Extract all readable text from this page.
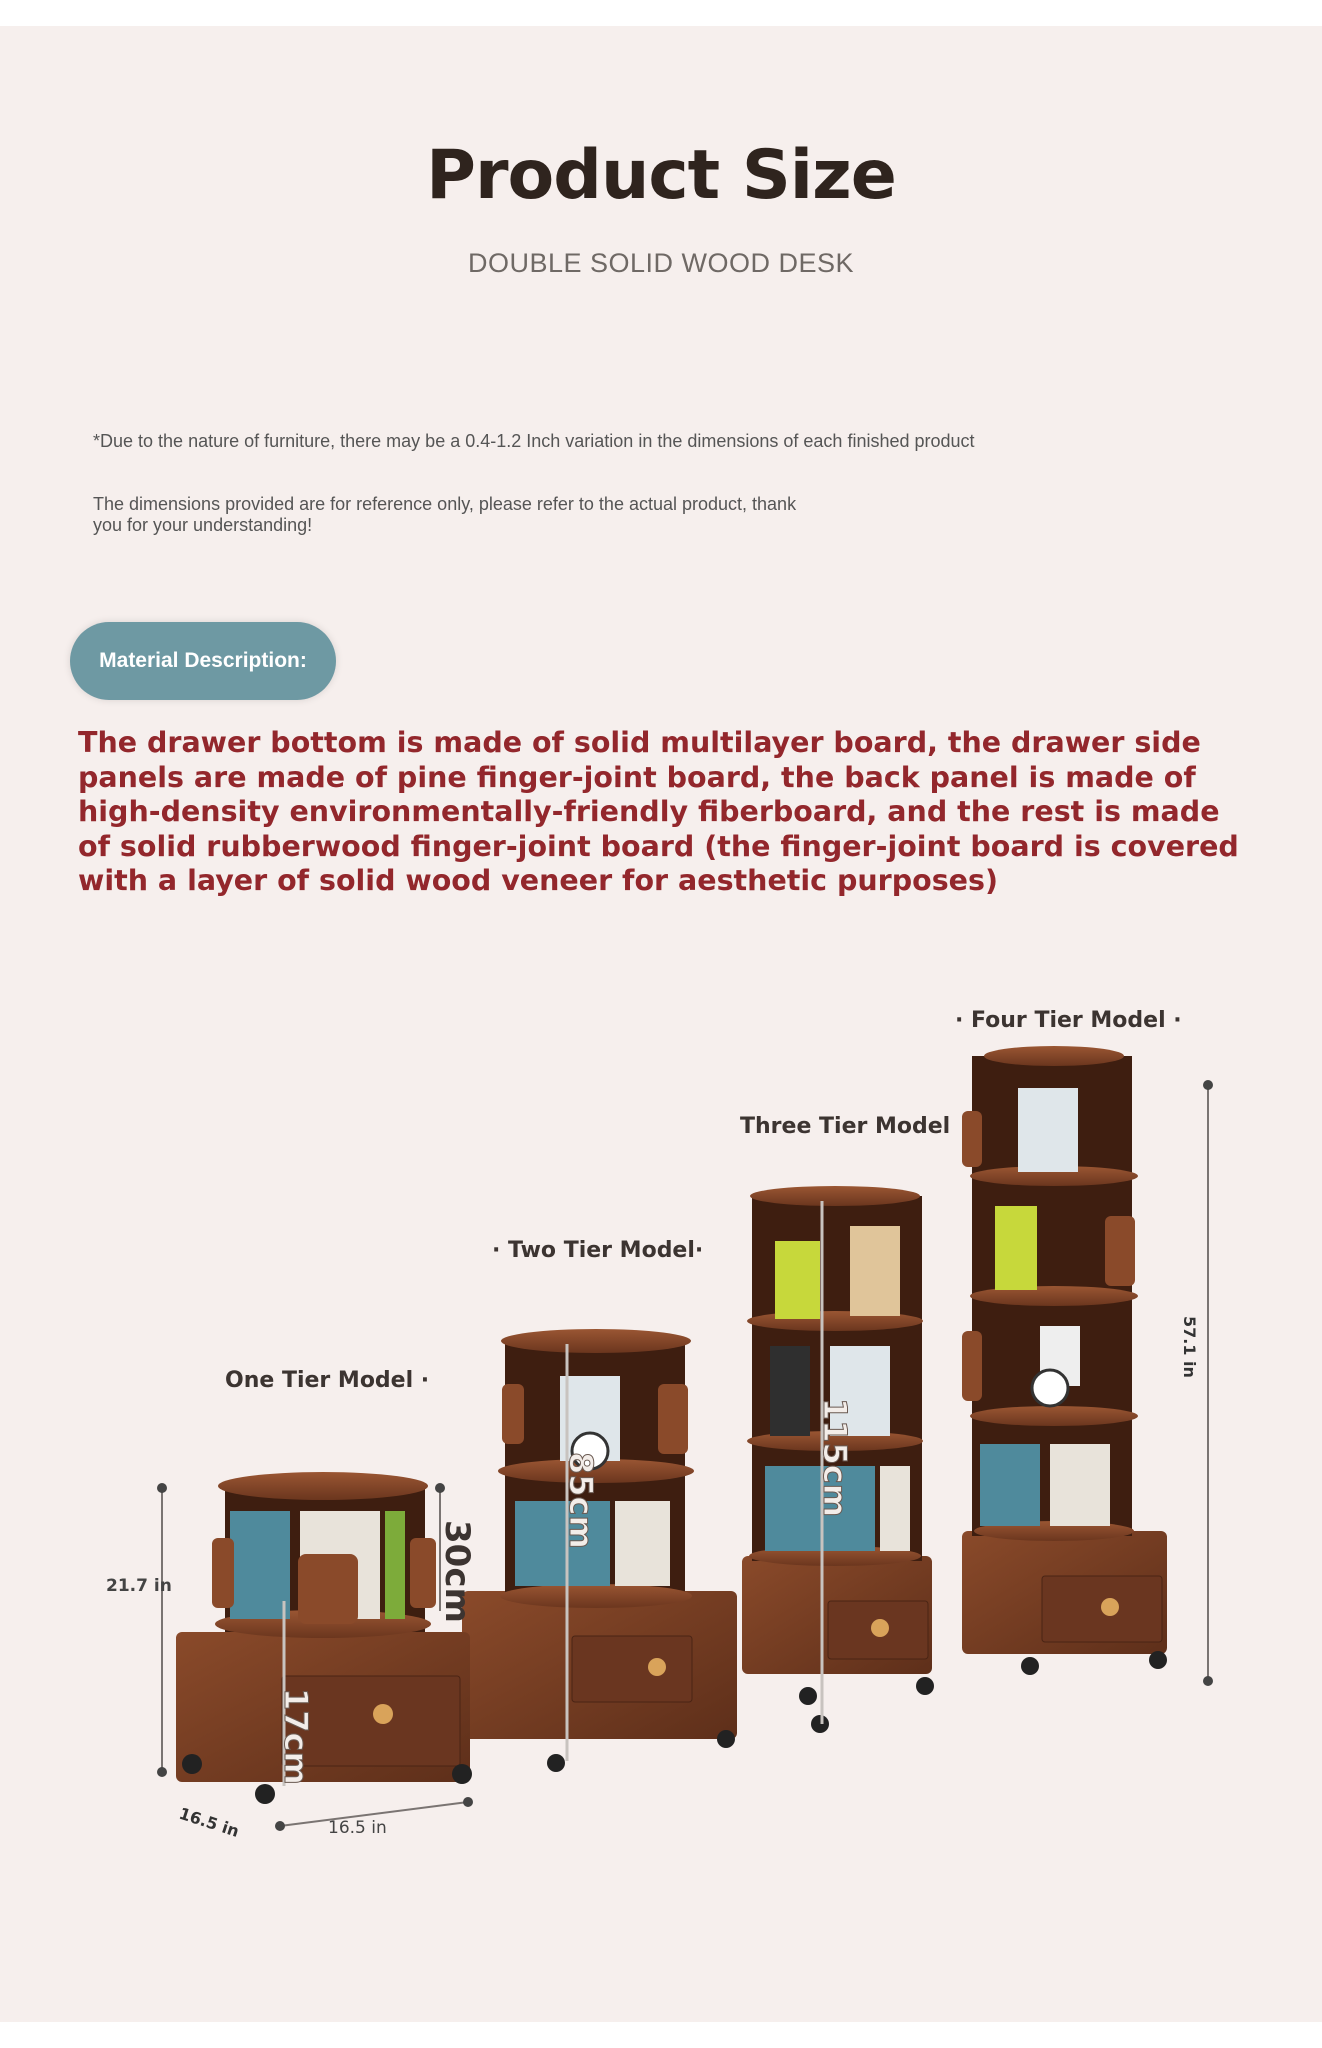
Product Size
DOUBLE SOLID WOOD DESK
*Due to the nature of furniture, there may be a 0.4-1.2 Inch variation in the dimensions of each finished product
The dimensions provided are for reference only, please refer to the actual product, thank
you for your understanding!
Material Description:
The drawer bottom is made of solid multilayer board, the drawer side panels are made of pine finger-joint board, the back panel is made of high-density environmentally-friendly fiberboard, and the rest is made of solid rubberwood finger-joint board (the finger-joint board is covered with a layer of solid wood veneer for aesthetic purposes)
30cm
17cm
85cm	115cm
57.1 in
16.5 in
One Tier Model ·
· Two Tier Model·
Three Tier Model
· Four Tier Model ·
21.7 in
16.5 in
